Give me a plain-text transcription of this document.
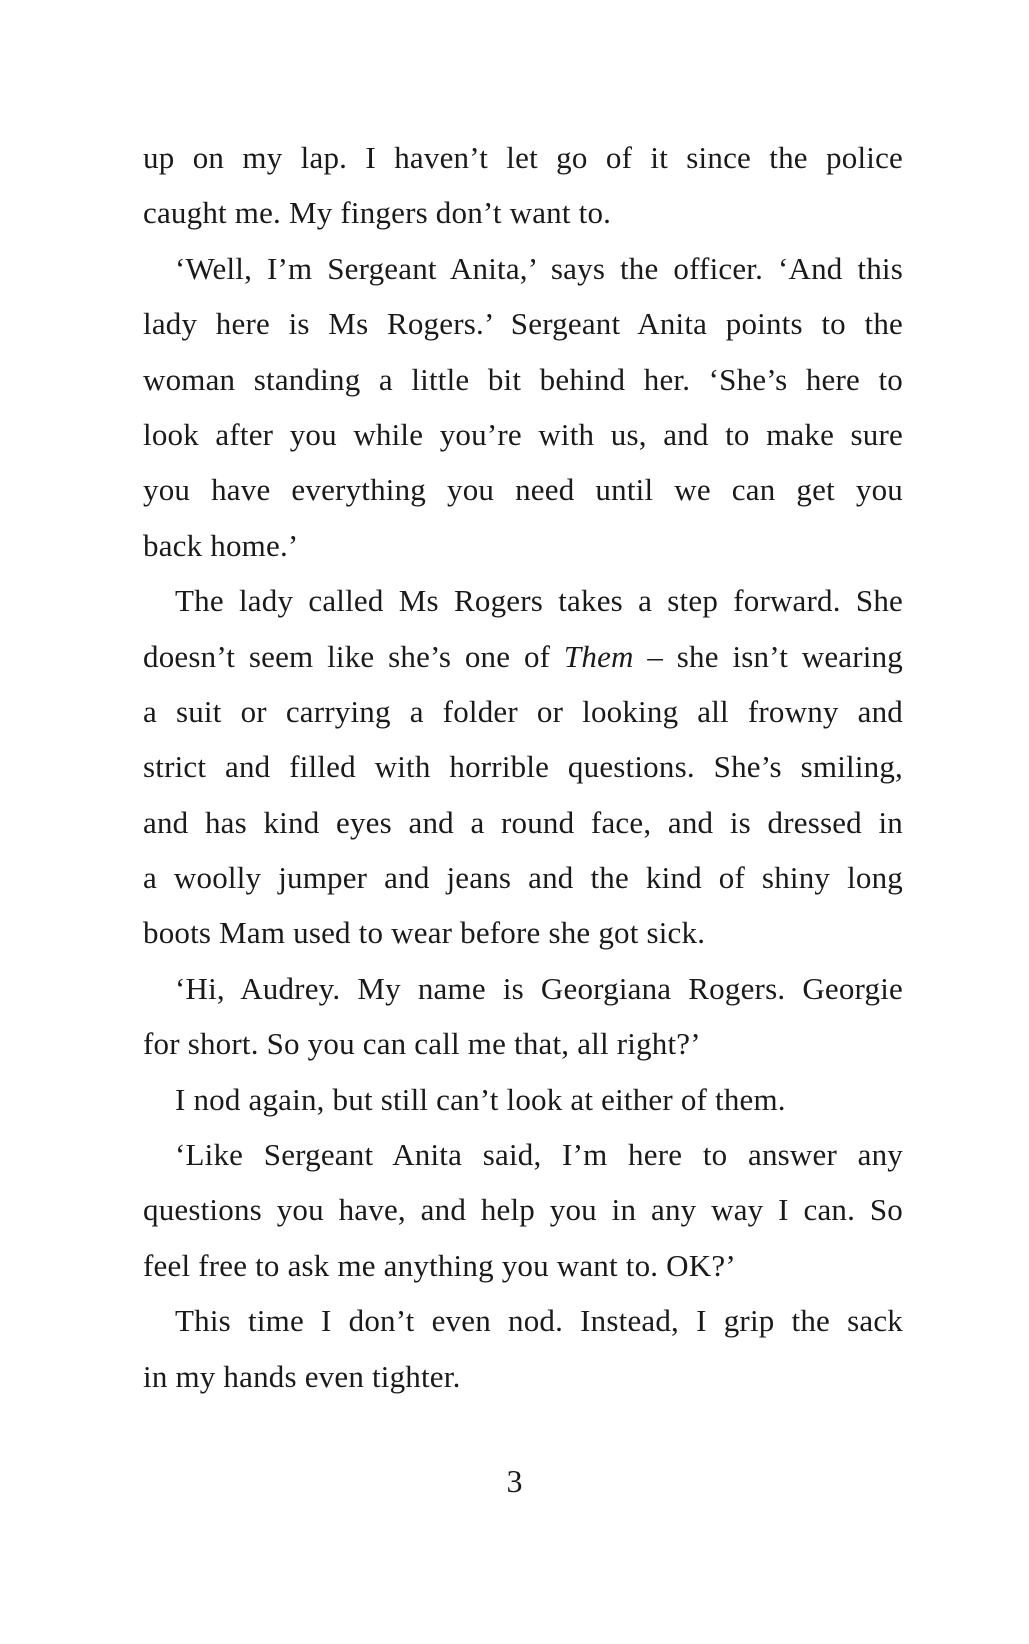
up on my lap. I haven’t let go of it since the police
caught me. My fingers don’t want to.
‘Well, I’m Sergeant Anita,’ says the officer. ‘And this
lady here is Ms Rogers.’ Sergeant Anita points to the
woman standing a little bit behind her. ‘She’s here to
look after you while you’re with us, and to make sure
you have everything you need until we can get you
back home.’
The lady called Ms Rogers takes a step forward. She
doesn’t seem like she’s one of Them – she isn’t wearing
a suit or carrying a folder or looking all frowny and
strict and filled with horrible questions. She’s smiling,
and has kind eyes and a round face, and is dressed in
a woolly jumper and jeans and the kind of shiny long
boots Mam used to wear before she got sick.
‘Hi, Audrey. My name is Georgiana Rogers. Georgie
for short. So you can call me that, all right?’
I nod again, but still can’t look at either of them.
‘Like Sergeant Anita said, I’m here to answer any
questions you have, and help you in any way I can. So
feel free to ask me anything you want to. OK?’
This time I don’t even nod. Instead, I grip the sack
in my hands even tighter.
3
